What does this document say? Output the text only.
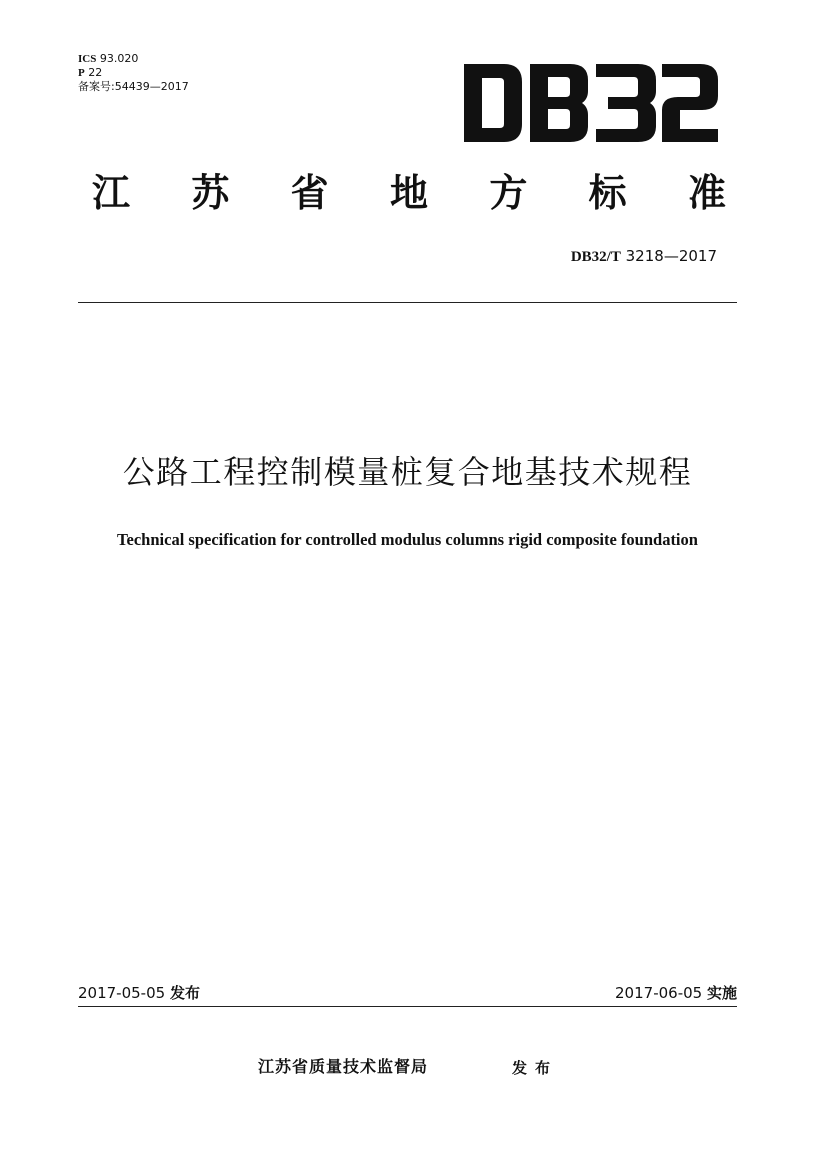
ICS 93.020
P 22
备案号:54439—2017
江 苏 省 地 方 标 准
DB32/T 3218—2017
公路工程控制模量桩复合地基技术规程
Technical specification for controlled modulus columns rigid composite foundation
2017-05-05 发布	2017-06-05 实施
江苏省质量技术监督局	发布
